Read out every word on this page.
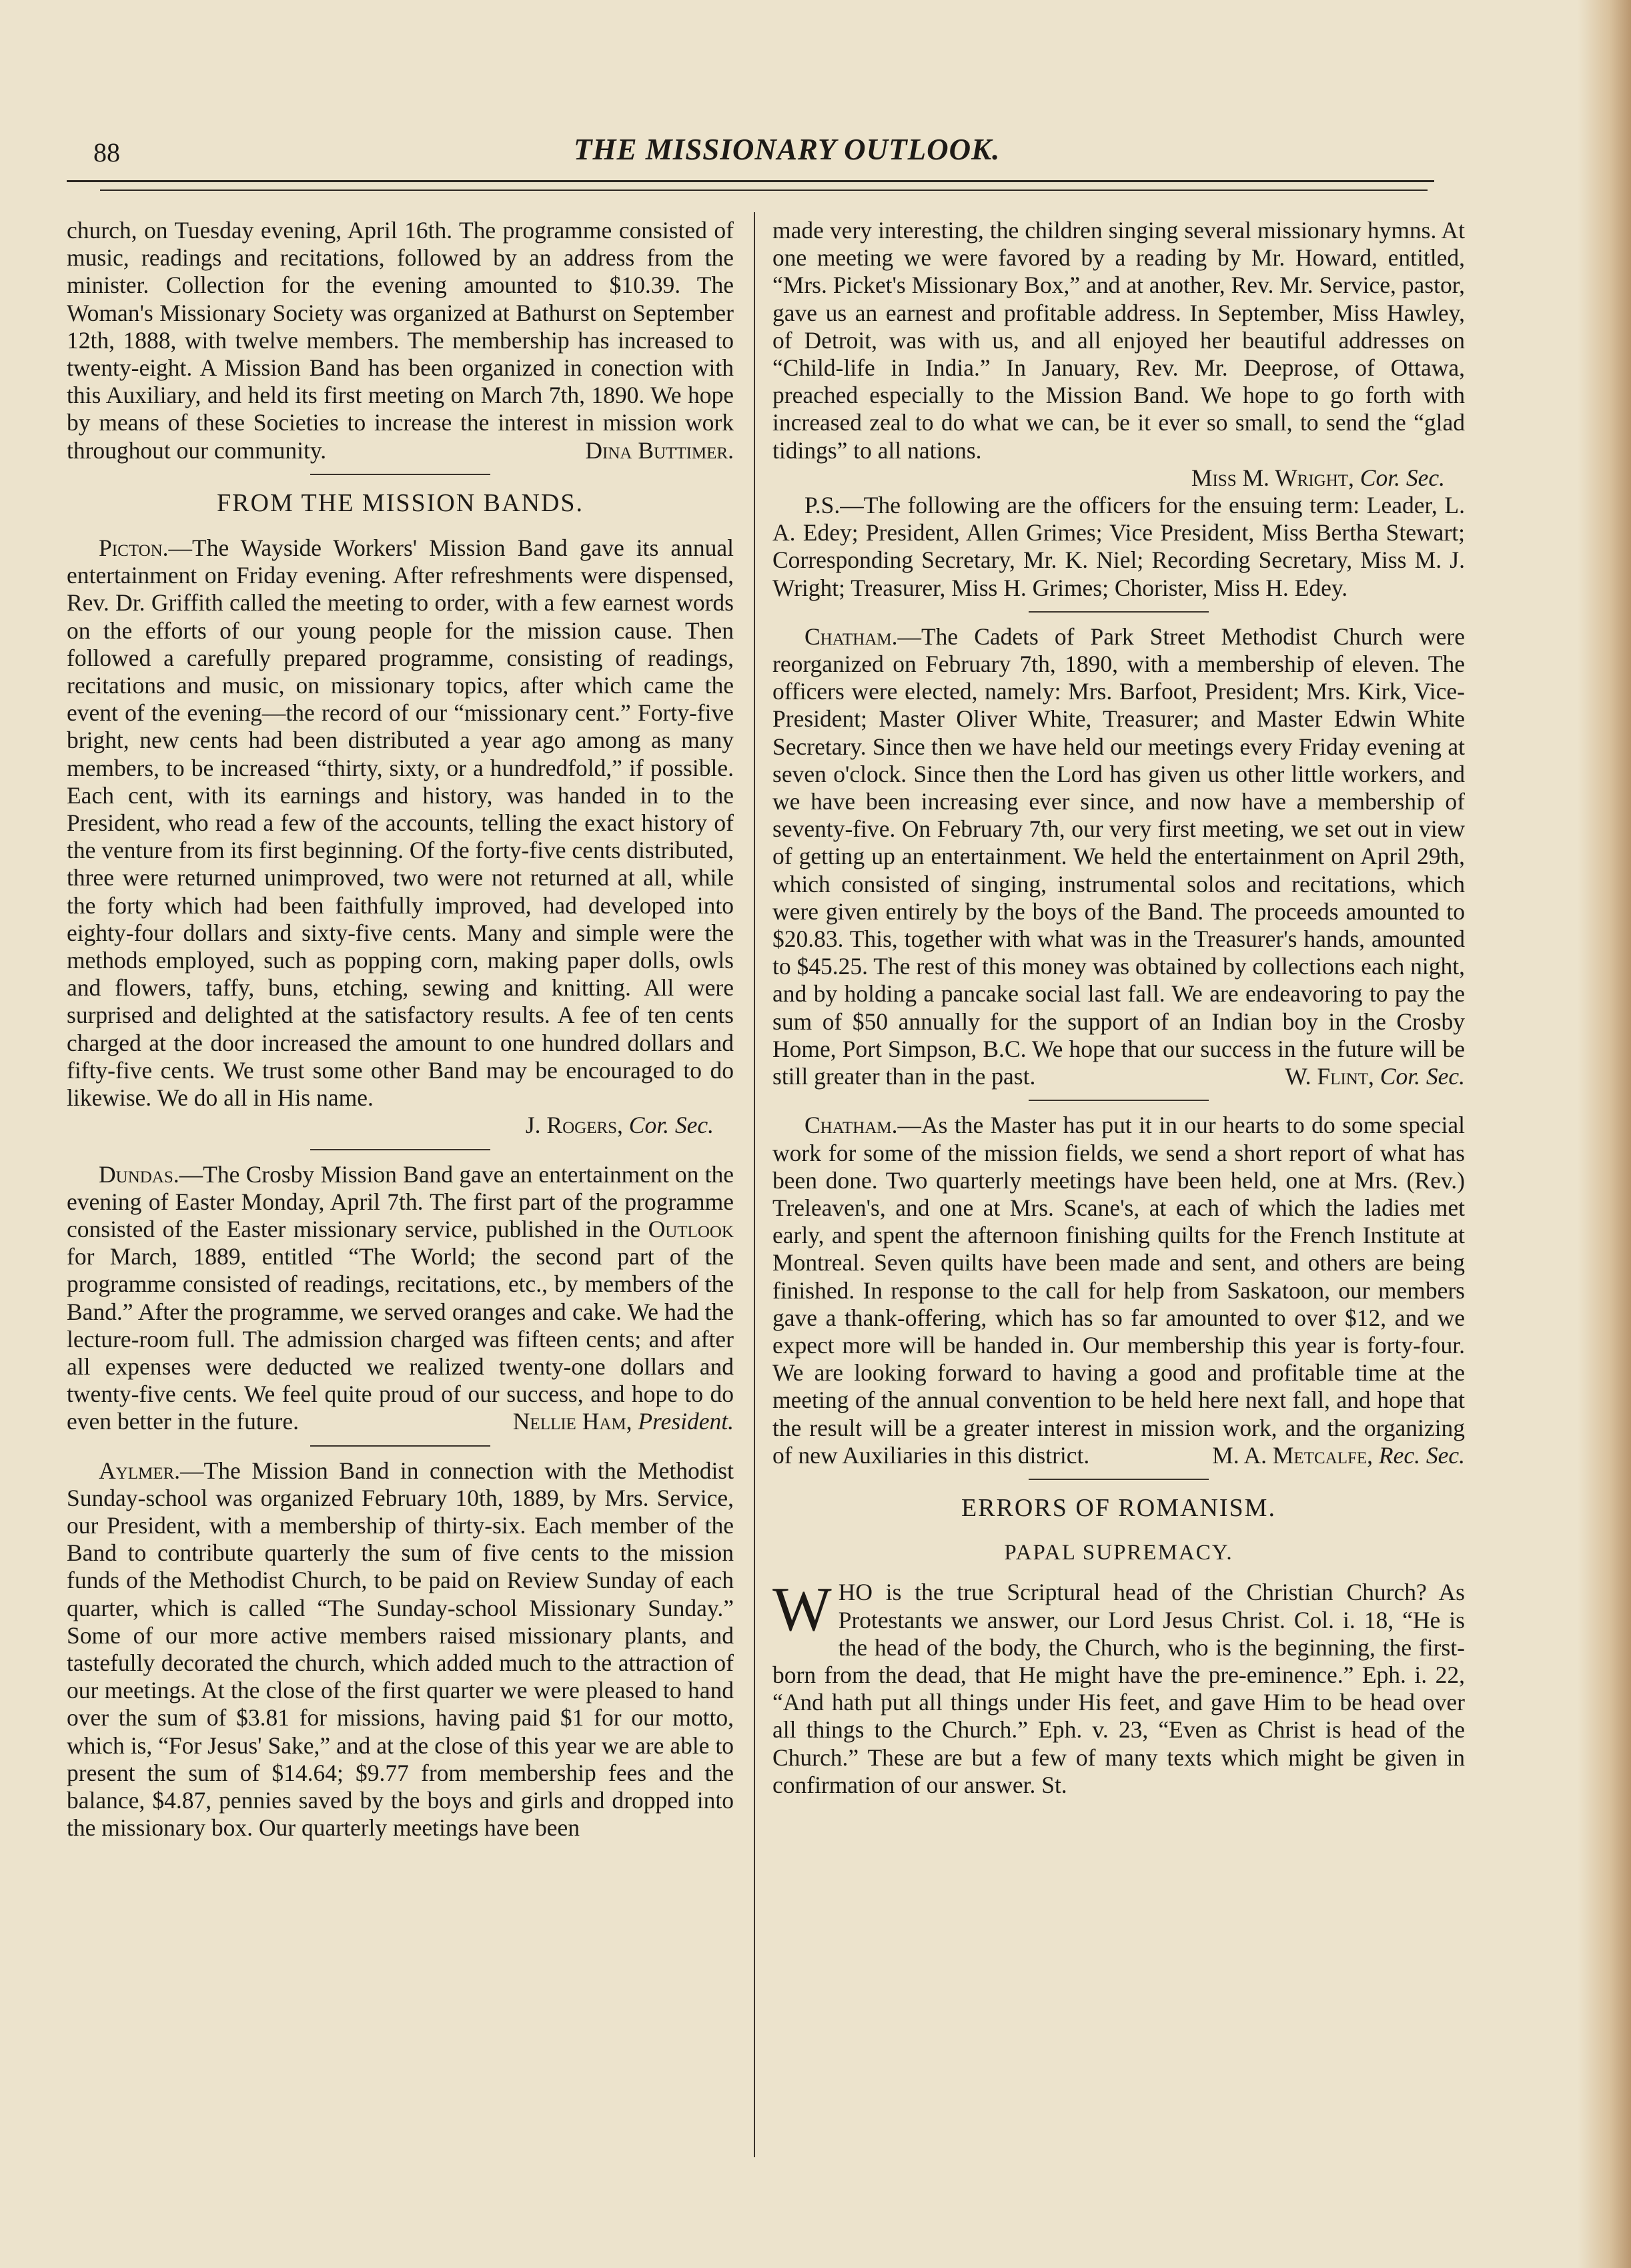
88	THE MISSIONARY OUTLOOK.

church, on Tuesday evening, April 16th. The programme consisted of music, readings and recitations, followed by an address from the minister. Collection for the evening amounted to $10.39. The Woman's Missionary Society was organized at Bathurst on September 12th, 1888, with twelve members. The membership has increased to twenty-eight. A Mission Band has been organized in conection with this Auxiliary, and held its first meeting on March 7th, 1890. We hope by means of these Societies to increase the interest in mission work throughout our community.	Dina Buttimer.

FROM THE MISSION BANDS.

Picton.—The Wayside Workers' Mission Band gave its annual entertainment on Friday evening. After refreshments were dispensed, Rev. Dr. Griffith called the meeting to order, with a few earnest words on the efforts of our young people for the mission cause. Then followed a carefully prepared programme, consisting of readings, recitations and music, on missionary topics, after which came the event of the evening—the record of our “missionary cent.” Forty-five bright, new cents had been distributed a year ago among as many members, to be increased “thirty, sixty, or a hundredfold,” if possible. Each cent, with its earnings and history, was handed in to the President, who read a few of the accounts, telling the exact history of the venture from its first beginning. Of the forty-five cents distributed, three were returned unimproved, two were not returned at all, while the forty which had been faithfully improved, had developed into eighty-four dollars and sixty-five cents. Many and simple were the methods employed, such as popping corn, making paper dolls, owls and flowers, taffy, buns, etching, sewing and knitting. All were surprised and delighted at the satisfactory results. A fee of ten cents charged at the door increased the amount to one hundred dollars and fifty-five cents. We trust some other Band may be encouraged to do likewise. We do all in His name.

J. Rogers, Cor. Sec.

Dundas.—The Crosby Mission Band gave an entertainment on the evening of Easter Monday, April 7th. The first part of the programme consisted of the Easter missionary service, published in the Outlook for March, 1889, entitled “The World; the second part of the programme consisted of readings, recitations, etc., by members of the Band.” After the programme, we served oranges and cake. We had the lecture-room full. The admission charged was fifteen cents; and after all expenses were deducted we realized twenty-one dollars and twenty-five cents. We feel quite proud of our success, and hope to do even better in the future.	Nellie Ham, President.

Aylmer.—The Mission Band in connection with the Methodist Sunday-school was organized February 10th, 1889, by Mrs. Service, our President, with a membership of thirty-six. Each member of the Band to contribute quarterly the sum of five cents to the mission funds of the Methodist Church, to be paid on Review Sunday of each quarter, which is called “The Sunday-school Missionary Sunday.” Some of our more active members raised missionary plants, and tastefully decorated the church, which added much to the attraction of our meetings. At the close of the first quarter we were pleased to hand over the sum of $3.81 for missions, having paid $1 for our motto, which is, “For Jesus' Sake,” and at the close of this year we are able to present the sum of $14.64; $9.77 from membership fees and the balance, $4.87, pennies saved by the boys and girls and dropped into the missionary box. Our quarterly meetings have been

made very interesting, the children singing several missionary hymns. At one meeting we were favored by a reading by Mr. Howard, entitled, “Mrs. Picket's Missionary Box,” and at another, Rev. Mr. Service, pastor, gave us an earnest and profitable address. In September, Miss Hawley, of Detroit, was with us, and all enjoyed her beautiful addresses on “Child-life in India.” In January, Rev. Mr. Deeprose, of Ottawa, preached especially to the Mission Band. We hope to go forth with increased zeal to do what we can, be it ever so small, to send the “glad tidings” to all nations.

Miss M. Wright, Cor. Sec.

P.S.—The following are the officers for the ensuing term: Leader, L. A. Edey; President, Allen Grimes; Vice President, Miss Bertha Stewart; Corresponding Secretary, Mr. K. Niel; Recording Secretary, Miss M. J. Wright; Treasurer, Miss H. Grimes; Chorister, Miss H. Edey.

Chatham.—The Cadets of Park Street Methodist Church were reorganized on February 7th, 1890, with a membership of eleven. The officers were elected, namely: Mrs. Barfoot, President; Mrs. Kirk, Vice-President; Master Oliver White, Treasurer; and Master Edwin White Secretary. Since then we have held our meetings every Friday evening at seven o'clock. Since then the Lord has given us other little workers, and we have been increasing ever since, and now have a membership of seventy-five. On February 7th, our very first meeting, we set out in view of getting up an entertainment. We held the entertainment on April 29th, which consisted of singing, instrumental solos and recitations, which were given entirely by the boys of the Band. The proceeds amounted to $20.83. This, together with what was in the Treasurer's hands, amounted to $45.25. The rest of this money was obtained by collections each night, and by holding a pancake social last fall. We are endeavoring to pay the sum of $50 annually for the support of an Indian boy in the Crosby Home, Port Simpson, B.C. We hope that our success in the future will be still greater than in the past.	W. Flint, Cor. Sec.

Chatham.—As the Master has put it in our hearts to do some special work for some of the mission fields, we send a short report of what has been done. Two quarterly meetings have been held, one at Mrs. (Rev.) Treleaven's, and one at Mrs. Scane's, at each of which the ladies met early, and spent the afternoon finishing quilts for the French Institute at Montreal. Seven quilts have been made and sent, and others are being finished. In response to the call for help from Saskatoon, our members gave a thank-offering, which has so far amounted to over $12, and we expect more will be handed in. Our membership this year is forty-four. We are looking forward to having a good and profitable time at the meeting of the annual convention to be held here next fall, and hope that the result will be a greater interest in mission work, and the organizing of new Auxiliaries in this district.	M. A. Metcalfe, Rec. Sec.

ERRORS OF ROMANISM.
PAPAL SUPREMACY.

WHO is the true Scriptural head of the Christian Church? As Protestants we answer, our Lord Jesus Christ. Col. i. 18, “He is the head of the body, the Church, who is the beginning, the first-born from the dead, that He might have the pre-eminence.” Eph. i. 22, “And hath put all things under His feet, and gave Him to be head over all things to the Church.” Eph. v. 23, “Even as Christ is head of the Church.” These are but a few of many texts which might be given in confirmation of our answer. St.
